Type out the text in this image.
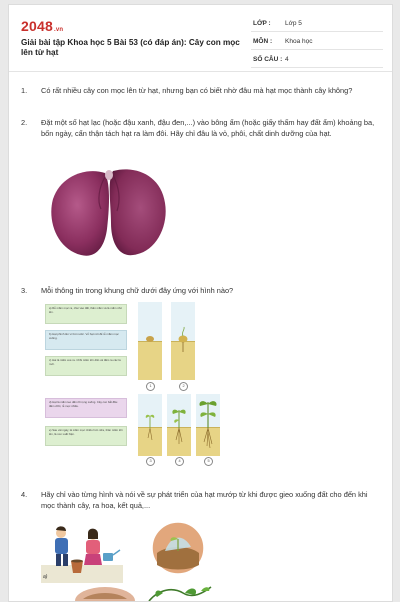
2048.vn
Giải bài tập Khoa học 5 Bài 53 (có đáp án): Cây con mọc lên từ hạt
LỚP : Lớp 5
MÔN : Khoa học
SỐ CÂU : 4
1. Có rất nhiều cây con mọc lên từ hạt, nhưng bạn có biết nhờ đâu mà hạt mọc thành cây không?
2. Đặt một số hạt lạc (hoặc đậu xanh, đậu đen,...) vào bông ẩm (hoặc giấy thấm hay đất ẩm) khoảng ba, bốn ngày, cẩn thận tách hạt ra làm đôi. Hãy chỉ đâu là vỏ, phôi, chất dinh dưỡng của hạt.
3. Mỗi thông tin trong khung chữ dưới đây ứng với hình nào?
a) Rễ mầm mọc ra, chui vào đất, thân mầm và lá mầm nhô lên.
b) Hạt phình lên vì hút nước. Vỏ hạt nứt để rễ mầm mọc xuống.
c) Hai lá mầm xoè ra. Chồi mầm lớn dần và đâm ra các lá mới.
d) Hạt lá mầm teo dần rồi rụng xuống. Cây con bắt đầu đâm chồi, rễ mọc nhiều.
e) Sau vài ngày, lá mầm mọc nhiều hơn nữa, thân mầm lớn lên, lá non xuất hiện.
1	2
3	4	5
4. Hãy chỉ vào từng hình và nói về sự phát triển của hạt mướp từ khi được gieo xuống đất cho đến khi mọc thành cây, ra hoa, kết quả,...
a)
